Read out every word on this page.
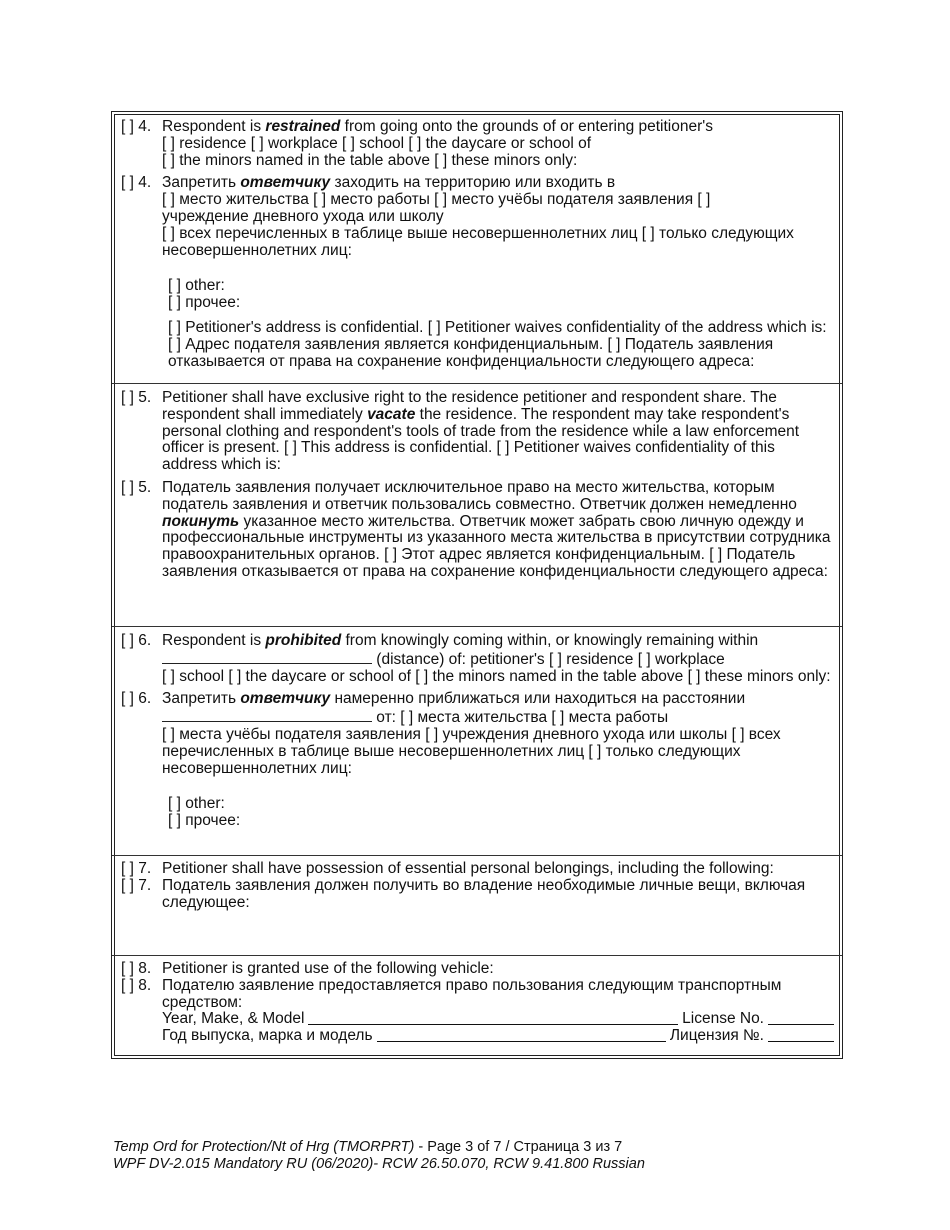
[ ] 4. Respondent is restrained from going onto the grounds of or entering petitioner's
[ ] residence [ ] workplace [ ] school [ ] the daycare or school of
[ ] the minors named in the table above [ ] these minors only:
[ ] 4. Запретить ответчику заходить на территорию или входить в
[ ] место жительства [ ] место работы [ ] место учёбы подателя заявления [ ]
учреждение дневного ухода или школу
[ ] всех перечисленных в таблице выше несовершеннолетних лиц [ ] только следующих
несовершеннолетних лиц:
[ ] other:
[ ] прочее:
[ ] Petitioner's address is confidential. [ ] Petitioner waives confidentiality of the address which is:
[ ] Адрес подателя заявления является конфиденциальным. [ ] Податель заявления отказывается от права на сохранение конфиденциальности следующего адреса:
[ ] 5. Petitioner shall have exclusive right to the residence petitioner and respondent share. The respondent shall immediately vacate the residence. The respondent may take respondent's personal clothing and respondent's tools of trade from the residence while a law enforcement officer is present. [ ] This address is confidential. [ ] Petitioner waives confidentiality of this address which is:
[ ] 5. Податель заявления получает исключительное право на место жительства, которым податель заявления и ответчик пользовались совместно. Ответчик должен немедленно покинуть указанное место жительства. Ответчик может забрать свою личную одежду и профессиональные инструменты из указанного места жительства в присутствии сотрудника правоохранительных органов. [ ] Этот адрес является конфиденциальным. [ ] Податель заявления отказывается от права на сохранение конфиденциальности следующего адреса:
[ ] 6. Respondent is prohibited from knowingly coming within, or knowingly remaining within
(distance) of: petitioner's [ ] residence [ ] workplace
[ ] school [ ] the daycare or school of [ ] the minors named in the table above [ ] these minors only:
[ ] 6. Запретить ответчику намеренно приближаться или находиться на расстоянии
от: [ ] места жительства [ ] места работы
[ ] места учёбы подателя заявления [ ] учреждения дневного ухода или школы [ ] всех перечисленных в таблице выше несовершеннолетних лиц [ ] только следующих несовершеннолетних лиц:
[ ] other:
[ ] прочее:
[ ] 7. Petitioner shall have possession of essential personal belongings, including the following:
[ ] 7. Податель заявления должен получить во владение необходимые личные вещи, включая следующее:
[ ] 8. Petitioner is granted use of the following vehicle:
[ ] 8. Подателю заявление предоставляется право пользования следующим транспортным средством:
Year, Make, & Model	License No.
Год выпуска, марка и модель	Лицензия №.
Temp Ord for Protection/Nt of Hrg (TMORPRT) - Page 3 of 7 / Страница 3 из 7
WPF DV-2.015 Mandatory RU (06/2020)- RCW 26.50.070, RCW 9.41.800 Russian
